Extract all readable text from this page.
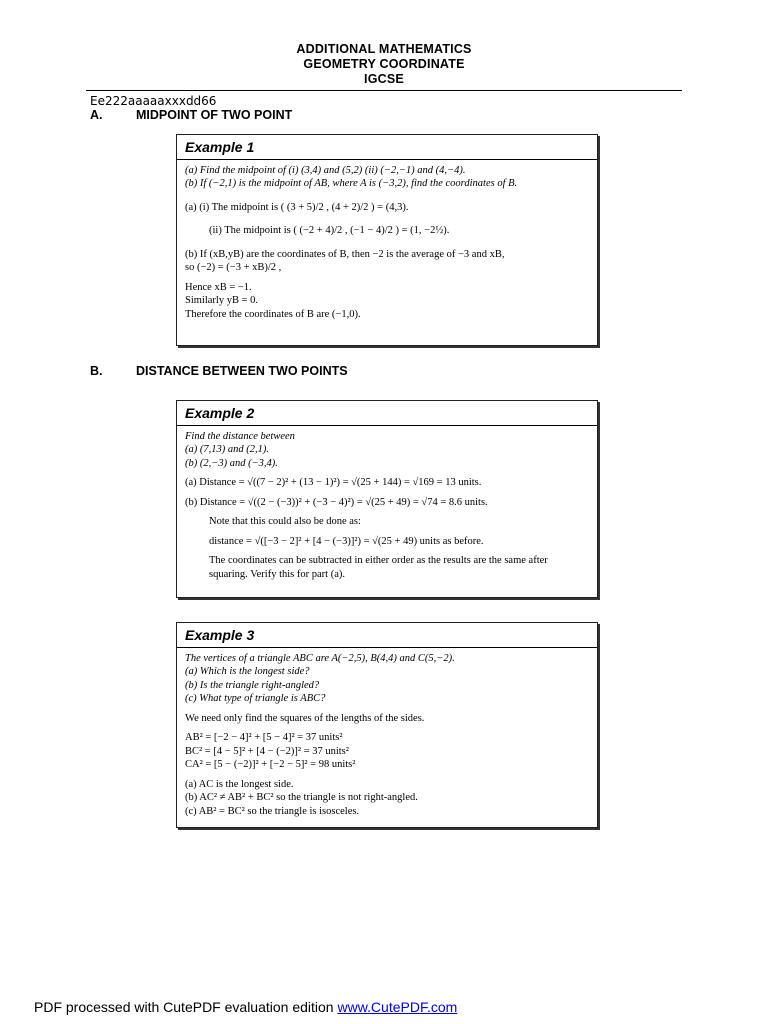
ADDITIONAL MATHEMATICS
GEOMETRY COORDINATE
IGCSE
Ee222aaaaaxxxdd66
A.	MIDPOINT OF TWO POINT
Example 1
(a) Find the midpoint of (i) (3,4) and (5,2) (ii) (−2,−1) and (4,−4).
(b) If (−2,1) is the midpoint of AB, where A is (−3,2), find the coordinates of B.
(a) (i) The midpoint is ( (3 + 5)/2 , (4 + 2)/2 ) = (4,3).
(ii) The midpoint is ( (−2 + 4)/2 , (−1 − 4)/2 ) = (1, −2½).
(b) If (xB,yB) are the coordinates of B, then −2 is the average of −3 and xB,
so (−2) = (−3 + xB)/2 ,
Hence xB = −1.
Similarly yB = 0.
Therefore the coordinates of B are (−1,0).
B.	DISTANCE BETWEEN TWO POINTS
Example 2
Find the distance between
(a) (7,13) and (2,1).
(b) (2,−3) and (−3,4).
(a) Distance = √((7 − 2)² + (13 − 1)²) = √(25 + 144) = √169 = 13 units.
(b) Distance = √((2 − (−3))² + (−3 − 4)²) = √(25 + 49) = √74 = 8.6 units.
Note that this could also be done as:
distance = √([−3 − 2]² + [4 − (−3)]²) = √(25 + 49) units as before.
The coordinates can be subtracted in either order as the results are the same after
squaring. Verify this for part (a).
Example 3
The vertices of a triangle ABC are A(−2,5), B(4,4) and C(5,−2).
(a) Which is the longest side?
(b) Is the triangle right-angled?
(c) What type of triangle is ABC?
We need only find the squares of the lengths of the sides.
AB² = [−2 − 4]² + [5 − 4]² = 37 units²
BC² = [4 − 5]² + [4 − (−2)]² = 37 units²
CA² = [5 − (−2)]² + [−2 − 5]² = 98 units²
(a) AC is the longest side.
(b) AC² ≠ AB² + BC² so the triangle is not right-angled.
(c) AB² = BC² so the triangle is isosceles.
PDF processed with CutePDF evaluation edition www.CutePDF.com
